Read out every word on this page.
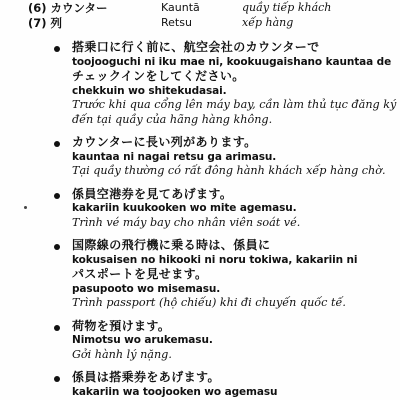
(6) カウンター	Kauntā	quầy tiếp khách
(7) 列	Retsu	xếp hàng
搭乗口に行く前に、航空会社のカウンターで
toojooguchi ni iku mae ni, kookuugaishano kauntaa de
チェックインをしてください。
chekkuin wo shitekudasai.
Trước khi qua cổng lên máy bay, cần làm thủ tục đăng ký
đến tại quầy của hãng hàng không.
カウンターに長い列があります。
kauntaa ni nagai retsu ga arimasu.
Tại quầy thường có rất đông hành khách xếp hàng chờ.
係員空港券を見てあげます。
kakariin kuukooken wo mite agemasu.
Trình vé máy bay cho nhân viên soát vé.
国際線の飛行機に乗る時は、係員に
kokusaisen no hikooki ni noru tokiwa, kakariin ni
パスポートを見せます。
pasupooto wo misemasu.
Trình passport (hộ chiếu) khi đi chuyến quốc tế.
荷物を預けます。
Nimotsu wo arukemasu.
Gởi hành lý nặng.
係員は搭乗券をあげます。
kakariin wa toojooken wo agemasu
